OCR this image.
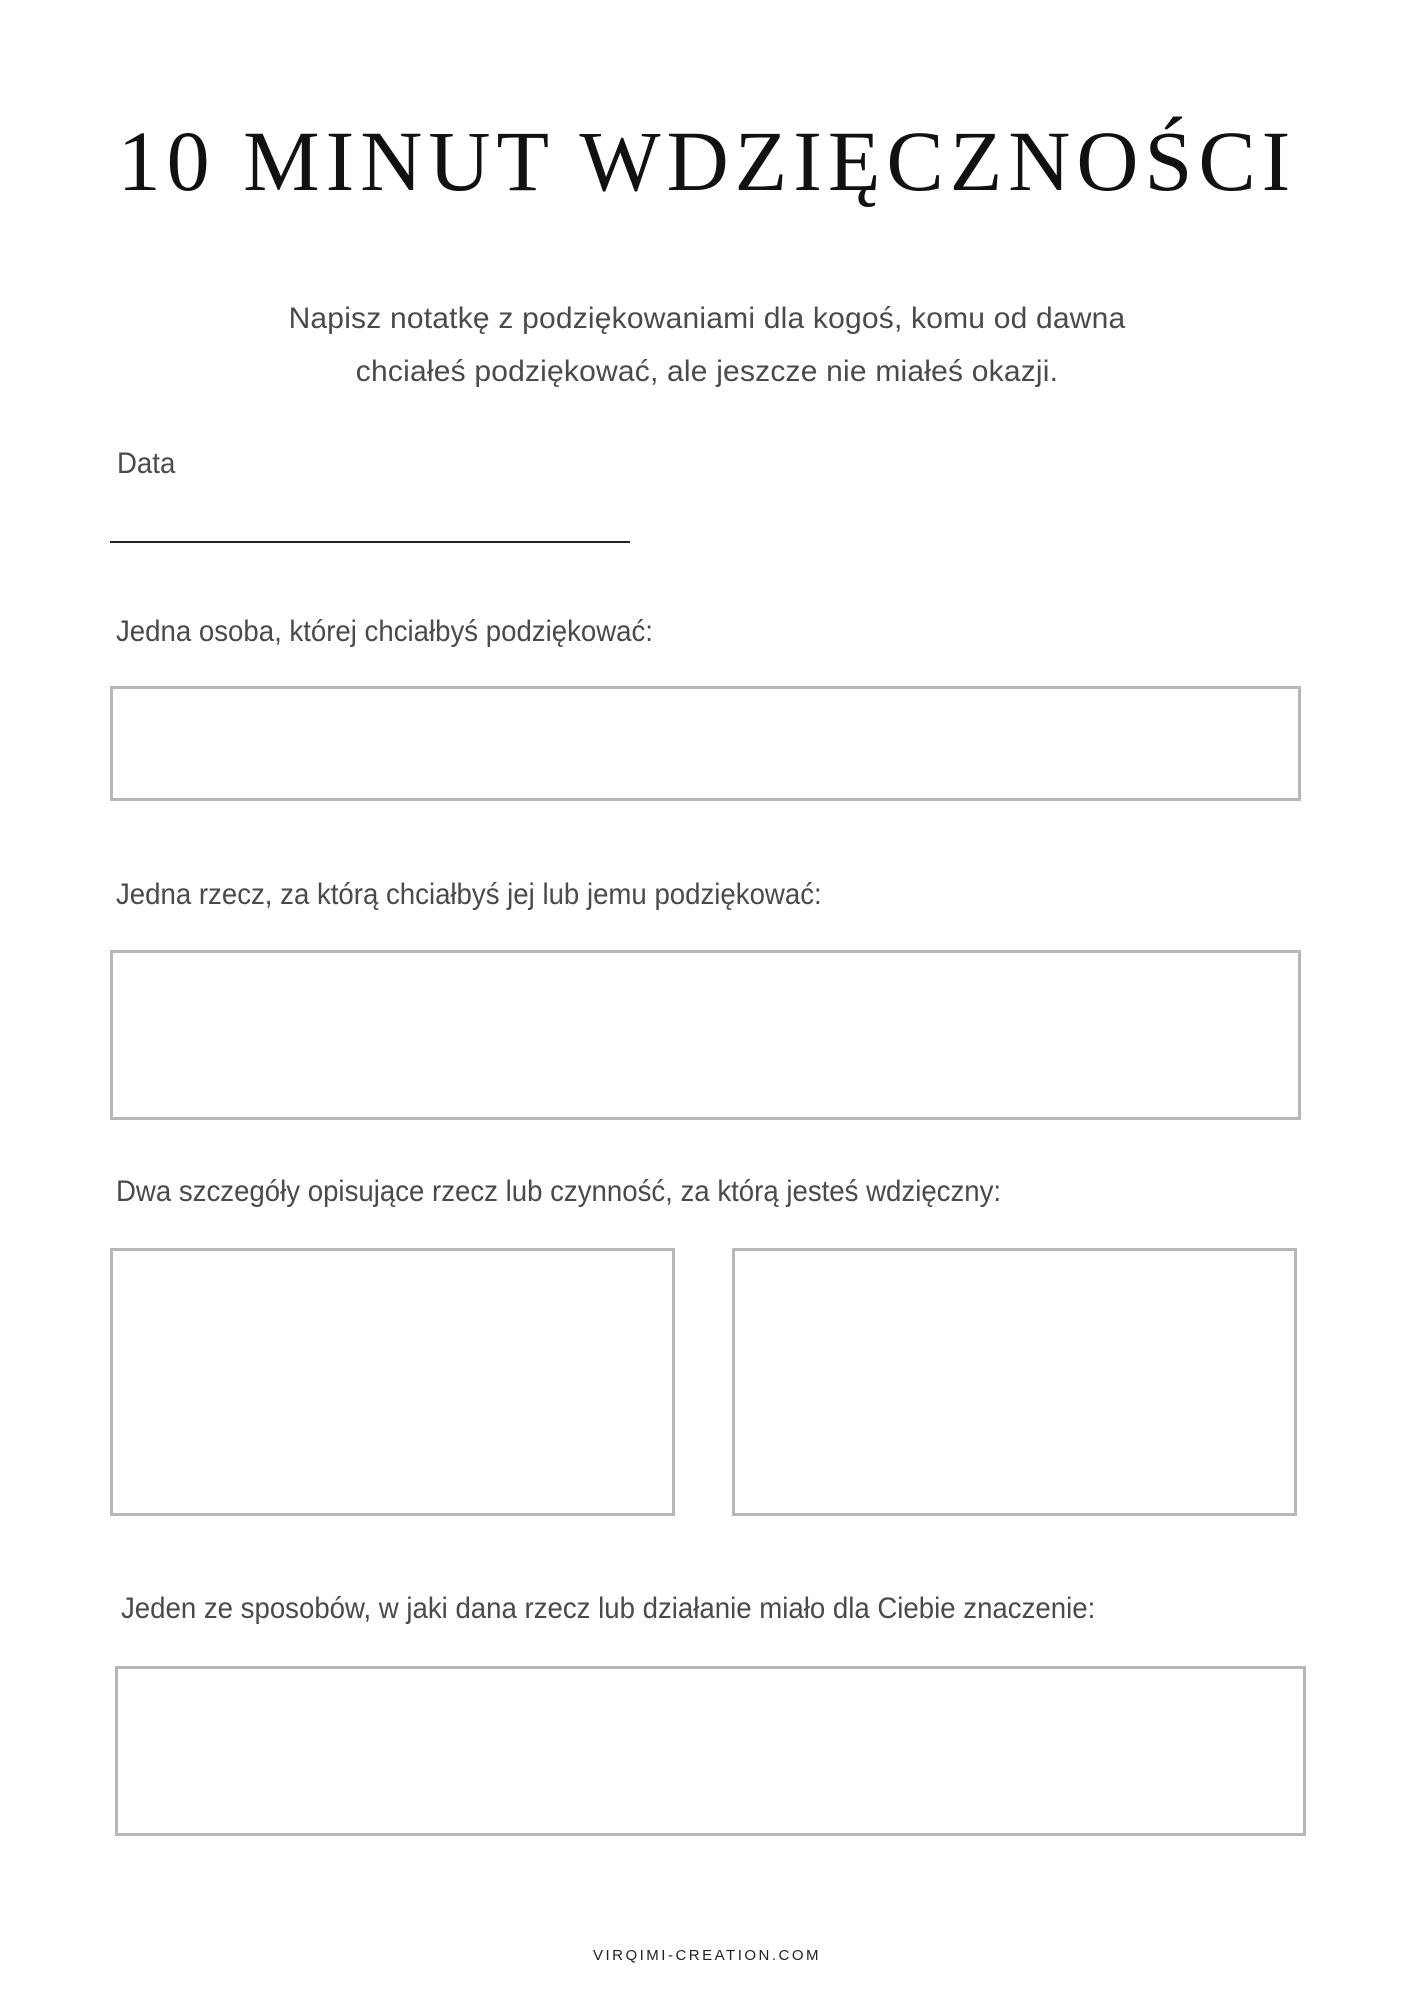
10 MINUT WDZIĘCZNOŚCI
Napisz notatkę z podziękowaniami dla kogoś, komu od dawna
chciałeś podziękować, ale jeszcze nie miałeś okazji.
Data
Jedna osoba, której chciałbyś podziękować:
Jedna rzecz, za którą chciałbyś jej lub jemu podziękować:
Dwa szczegóły opisujące rzecz lub czynność, za którą jesteś wdzięczny:
Jeden ze sposobów, w jaki dana rzecz lub działanie miało dla Ciebie znaczenie:
VIRQIMI-CREATION.COM
